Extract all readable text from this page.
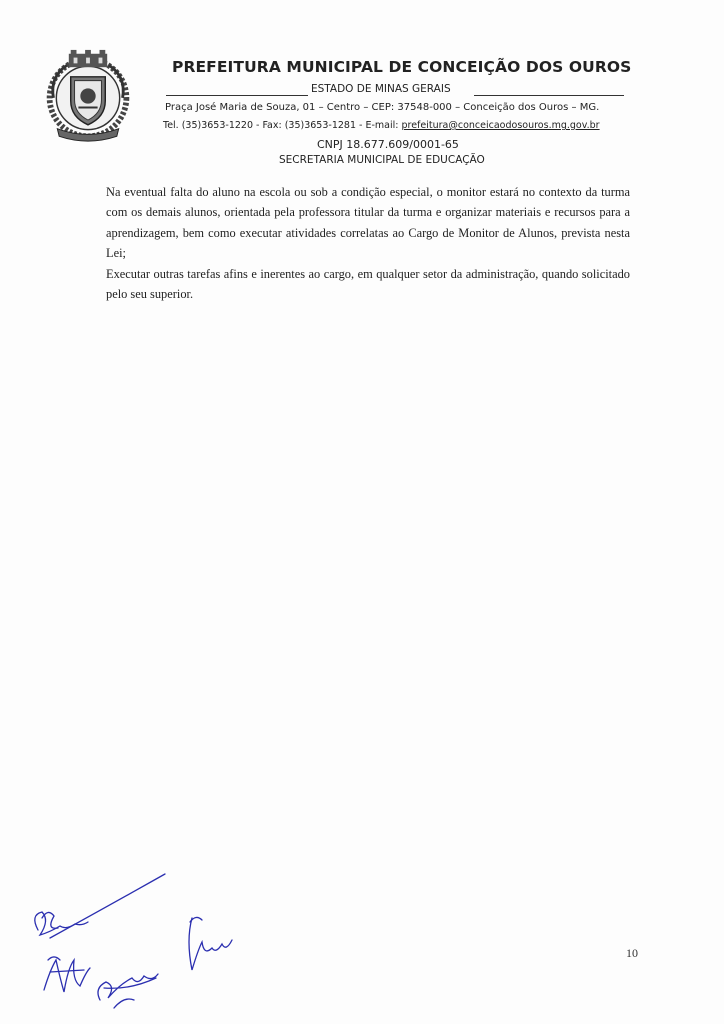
PREFEITURA MUNICIPAL DE CONCEIÇÃO DOS OUROS
ESTADO DE MINAS GERAIS
Praça José Maria de Souza, 01 – Centro – CEP: 37548-000 – Conceição dos Ouros – MG.
Tel. (35)3653-1220 - Fax: (35)3653-1281 - E-mail: prefeitura@conceicaodosouros.mg.gov.br
CNPJ 18.677.609/0001-65
SECRETARIA MUNICIPAL DE EDUCAÇÃO

Na eventual falta do aluno na escola ou sob a condição especial, o monitor estará no contexto da turma com os demais alunos, orientada pela professora titular da turma e organizar materiais e recursos para a aprendizagem, bem como executar atividades correlatas ao Cargo de Monitor de Alunos, prevista nesta Lei;

Executar outras tarefas afins e inerentes ao cargo, em qualquer setor da administração, quando solicitado pelo seu superior.

10
